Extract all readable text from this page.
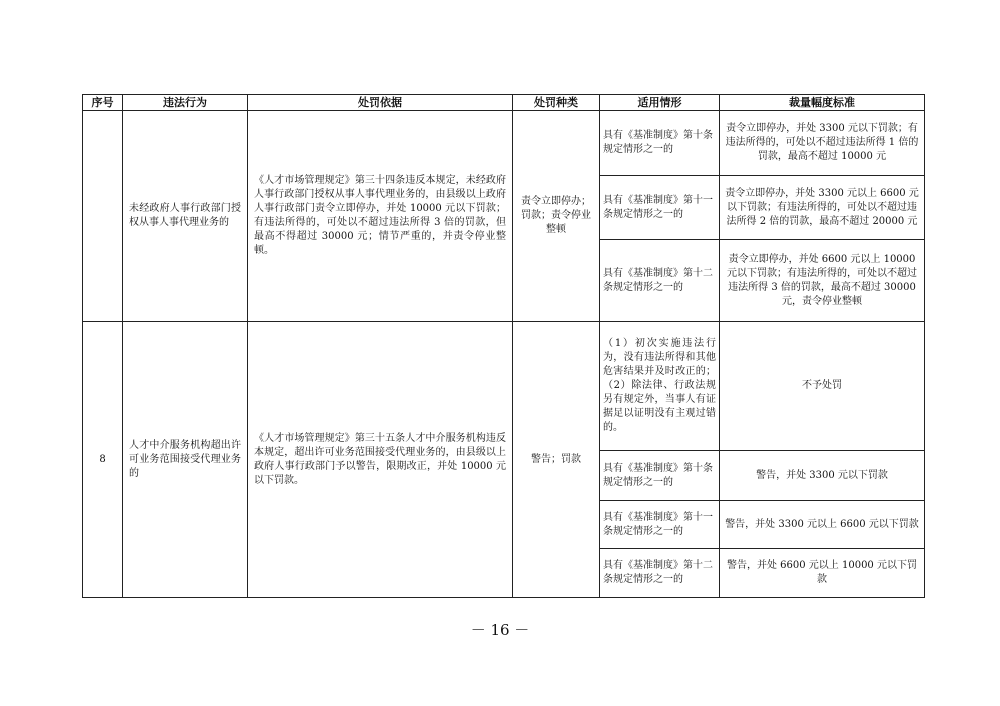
序号	违法行为	处罚依据	处罚种类	适用情形	裁量幅度标准
	未经政府人事行政部门授权从事人事代理业务的	《人才市场管理规定》第三十四条违反本规定，未经政府人事行政部门授权从事人事代理业务的，由县级以上政府人事行政部门责令立即停办，并处 10000 元以下罚款；有违法所得的，可处以不超过违法所得 3 倍的罚款，但最高不得超过 30000 元；情节严重的，并责令停业整顿。	责令立即停办；罚款；责令停业整顿	具有《基准制度》第十条规定情形之一的	责令立即停办，并处 3300 元以下罚款；有违法所得的，可处以不超过违法所得 1 倍的罚款，最高不超过 10000 元
				具有《基准制度》第十一条规定情形之一的	责令立即停办，并处 3300 元以上 6600 元以下罚款；有违法所得的，可处以不超过违法所得 2 倍的罚款，最高不超过 20000 元
				具有《基准制度》第十二条规定情形之一的	责令立即停办，并处 6600 元以上 10000 元以下罚款；有违法所得的，可处以不超过违法所得 3 倍的罚款，最高不超过 30000 元，责令停业整顿
8	人才中介服务机构超出许可业务范围接受代理业务的	《人才市场管理规定》第三十五条人才中介服务机构违反本规定，超出许可业务范围接受代理业务的，由县级以上政府人事行政部门予以警告，限期改正，并处 10000 元以下罚款。	警告；罚款	（1）初次实施违法行为，没有违法所得和其他危害结果并及时改正的；（2）除法律、行政法规另有规定外，当事人有证据足以证明没有主观过错的。	不予处罚
				具有《基准制度》第十条规定情形之一的	警告，并处 3300 元以下罚款
				具有《基准制度》第十一条规定情形之一的	警告，并处 3300 元以上 6600 元以下罚款
				具有《基准制度》第十二条规定情形之一的	警告，并处 6600 元以上 10000 元以下罚款
－ 16 －
